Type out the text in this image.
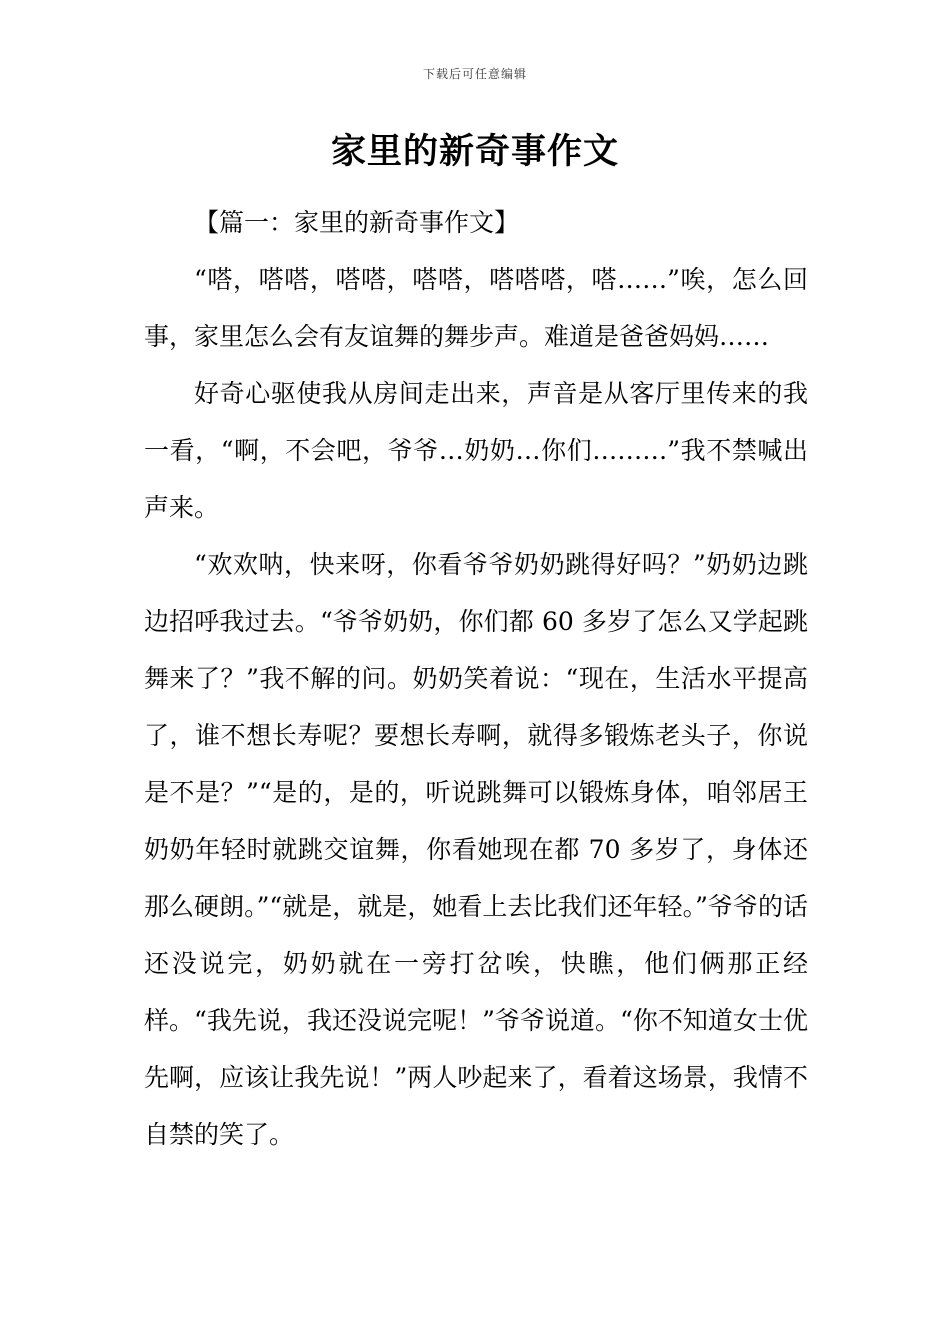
下载后可任意编辑
家里的新奇事作文

【篇一：家里的新奇事作文】

“嗒，嗒嗒，嗒嗒，嗒嗒，嗒嗒嗒，嗒……”唉，怎么回事，家里怎么会有友谊舞的舞步声。难道是爸爸妈妈……

好奇心驱使我从房间走出来，声音是从客厅里传来的我一看，“啊，不会吧，爷爷…奶奶…你们………”我不禁喊出声来。

“欢欢呐，快来呀，你看爷爷奶奶跳得好吗？”奶奶边跳边招呼我过去。“爷爷奶奶，你们都 60 多岁了怎么又学起跳舞来了？”我不解的问。奶奶笑着说：“现在，生活水平提高了，谁不想长寿呢？要想长寿啊，就得多锻炼老头子，你说是不是？”“是的，是的，听说跳舞可以锻炼身体，咱邻居王奶奶年轻时就跳交谊舞，你看她现在都 70 多岁了，身体还那么硬朗。”“就是，就是，她看上去比我们还年轻。”爷爷的话还没说完，奶奶就在一旁打岔唉，快瞧，他们俩那正经样。“我先说，我还没说完呢！”爷爷说道。“你不知道女士优先啊，应该让我先说！”两人吵起来了，看着这场景，我情不自禁的笑了。
